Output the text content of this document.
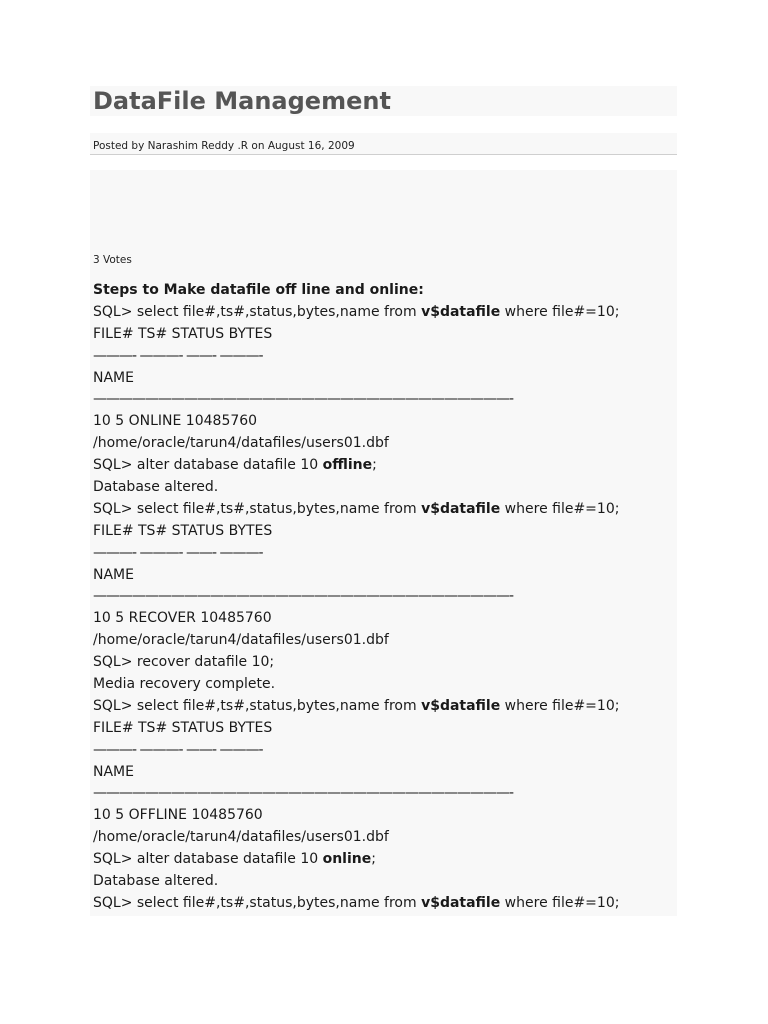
DataFile Management
Posted by Narashim Reddy .R on August 16, 2009
3 Votes
Steps to Make datafile off line and online:
SQL> select file#,ts#,status,bytes,name from v$datafile where file#=10;
FILE# TS# STATUS BYTES
———- ———- ——- ———-
NAME
————————————————————————————————-
10 5 ONLINE 10485760
/home/oracle/tarun4/datafiles/users01.dbf
SQL> alter database datafile 10 offline;
Database altered.
SQL> select file#,ts#,status,bytes,name from v$datafile where file#=10;
FILE# TS# STATUS BYTES
———- ———- ——- ———-
NAME
————————————————————————————————-
10 5 RECOVER 10485760
/home/oracle/tarun4/datafiles/users01.dbf
SQL> recover datafile 10;
Media recovery complete.
SQL> select file#,ts#,status,bytes,name from v$datafile where file#=10;
FILE# TS# STATUS BYTES
———- ———- ——- ———-
NAME
————————————————————————————————-
10 5 OFFLINE 10485760
/home/oracle/tarun4/datafiles/users01.dbf
SQL> alter database datafile 10 online;
Database altered.
SQL> select file#,ts#,status,bytes,name from v$datafile where file#=10;
